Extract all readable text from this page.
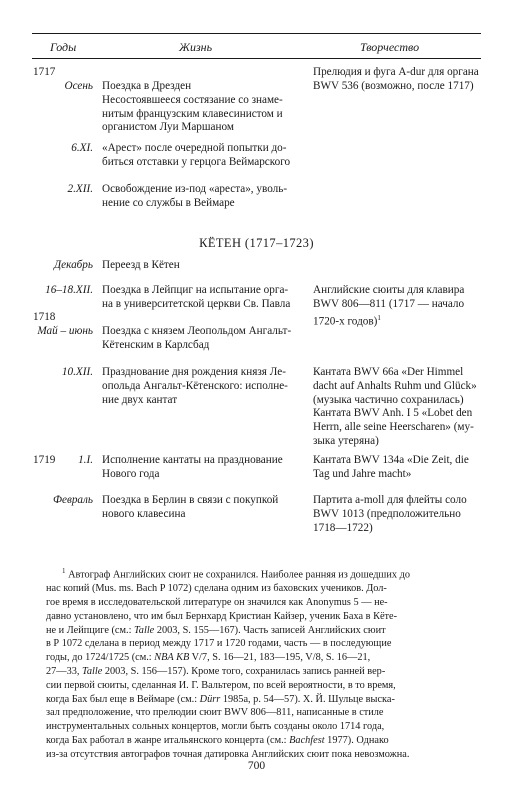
Годы	Жизнь	Творчество
1717
Осень Поездка в Дрезден
Несостоявшееся состязание со знаме-
нитым французским клавесинистом и
органистом Луи Маршаном
Прелюдия и фуга A-dur для органа
BWV 536 (возможно, после 1717)
6.XI. «Арест» после очередной попытки до-
биться отставки у герцога Веймарского
2.XII. Освобождение из-под «ареста», уволь-
нение со службы в Веймаре
КЁТЕН (1717–1723)
Декабрь Переезд в Кётен
16–18.XII. Поездка в Лейпциг на испытание орга-
на в университетской церкви Св. Павла
Английские сюиты для клавира
BWV 806—811 (1717 — начало
1720-х годов)$^1$
1718
Май – июнь Поездка с князем Леопольдом Ангальт-
Кётенским в Карлсбад
10.XII. Празднование дня рождения князя Ле-
опольда Ангальт-Кётенского: исполне-
ние двух кантат
Кантата BWV 66a «Der Himmel
dacht auf Anhalts Ruhm und Glück»
(музыка частично сохранилась)
Кантата BWV Anh. I 5 «Lobet den
Herrn, alle seine Heerscharen» (му-
зыка утеряна)
1719 1.I. Исполнение кантаты на празднование
Нового года
Кантата BWV 134a «Die Zeit, die
Tag und Jahre macht»
Февраль Поездка в Берлин в связи с покупкой
нового клавесина
Партита a-moll для флейты соло
BWV 1013 (предположительно
1718—1722)
$^1$ Автограф Английских сюит не сохранился. Наиболее ранняя из дошедших до
нас копий (Mus. ms. Bach P 1072) сделана одним из баховских учеников. Дол-
гое время в исследовательской литературе он значился как Anonymus 5 — не-
давно установлено, что им был Бернхард Кристиан Кайзер, ученик Баха в Кёте-
не и Лейпциге (см.: Talle 2003, S. 155—167). Часть записей Английских сюит
в Р 1072 сделана в период между 1717 и 1720 годами, часть — в последующие
годы, до 1724/1725 (см.: NBA KB V/7, S. 16—21, 183—195, V/8, S. 16—21,
27—33, Talle 2003, S. 156—157). Кроме того, сохранилась запись ранней вер-
сии первой сюиты, сделанная И. Г. Вальтером, по всей вероятности, в то время,
когда Бах был еще в Веймаре (см.: Dürr 1985a, p. 54—57). Х. Й. Шульце выска-
зал предположение, что прелюдии сюит BWV 806—811, написанные в стиле
инструментальных сольных концертов, могли быть созданы около 1714 года,
когда Бах работал в жанре итальянского концерта (см.: Bachfest 1977). Однако
из-за отсутствия автографов точная датировка Английских сюит пока невозможна.
700
